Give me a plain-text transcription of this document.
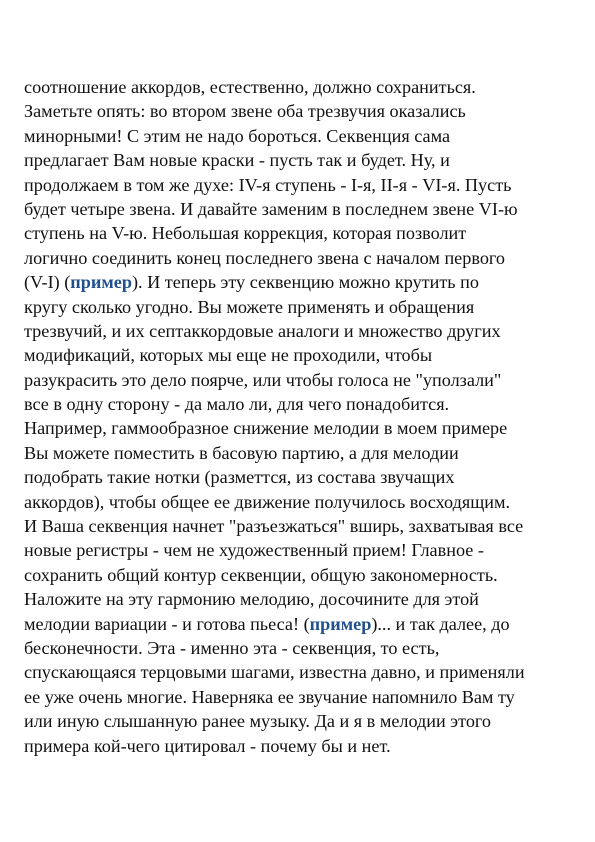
соотношение аккордов, естественно, должно сохраниться.
Заметьте опять: во втором звене оба трезвучия оказались
минорными! С этим не надо бороться. Секвенция сама
предлагает Вам новые краски - пусть так и будет. Ну, и
продолжаем в том же духе: IV-я ступень - I-я, II-я - VI-я. Пусть
будет четыре звена. И давайте заменим в последнем звене VI-ю
ступень на V-ю. Небольшая коррекция, которая позволит
логично соединить конец последнего звена с началом первого
(V-I) (пример). И теперь эту секвенцию можно крутить по
кругу сколько угодно. Вы можете применять и обращения
трезвучий, и их септаккордовые аналоги и множество других
модификаций, которых мы еще не проходили, чтобы
разукрасить это дело поярче, или чтобы голоса не "уползали"
все в одну сторону - да мало ли, для чего понадобится.
Например, гаммообразное снижение мелодии в моем примере
Вы можете поместить в басовую партию, а для мелодии
подобрать такие нотки (разметтся, из состава звучащих
аккордов), чтобы общее ее движение получилось восходящим.
И Ваша секвенция начнет "разъезжаться" вширь, захватывая все
новые регистры - чем не художественный прием! Главное -
сохранить общий контур секвенции, общую закономерность.
Наложите на эту гармонию мелодию, досочините для этой
мелодии вариации - и готова пьеса! (пример)... и так далее, до
бесконечности. Эта - именно эта - секвенция, то есть,
спускающаяся терцовыми шагами, известна давно, и применяли
ее уже очень многие. Наверняка ее звучание напомнило Вам ту
или иную слышанную ранее музыку. Да и я в мелодии этого
примера кой-чего цитировал - почему бы и нет.
